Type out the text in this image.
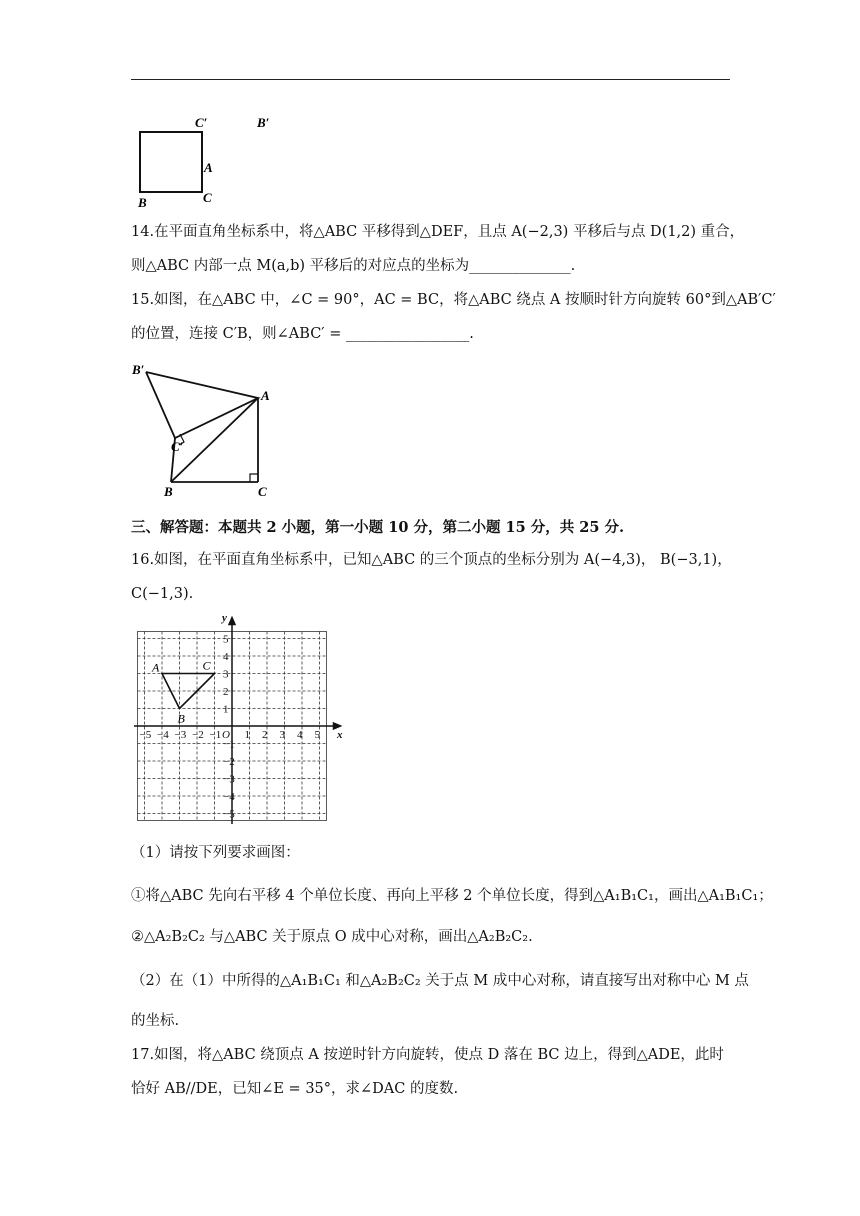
C′	B′
A
C
B
14.在平面直角坐标系中，将△ABC 平移得到△DEF，且点 A(−2,3) 平移后与点 D(1,2) 重合，
则△ABC 内部一点 M(a,b) 平移后的对应点的坐标为______________.
15.如图，在△ABC 中，∠C = 90°，AC = BC，将△ABC 绕点 A 按顺时针方向旋转 60°到△AB′C′
的位置，连接 C′B，则∠ABC′ = _________________.
B′
A
C′
B	C
三、解答题：本题共 2 小题，第一小题 10 分，第二小题 15 分，共 25 分.
16.如图，在平面直角坐标系中，已知△ABC 的三个顶点的坐标分别为 A(−4,3)， B(−3,1)，
C(−1,3).
−5 −4 −3 −2 −1 1 2 3 4 5
5
4
3
2
1
−1
−2
−3
−4
−5
O	x
y
A
B
C
（1）请按下列要求画图：
①将△ABC 先向右平移 4 个单位长度、再向上平移 2 个单位长度，得到△A₁B₁C₁，画出△A₁B₁C₁；
②△A₂B₂C₂ 与△ABC 关于原点 O 成中心对称，画出△A₂B₂C₂.
（2）在（1）中所得的△A₁B₁C₁ 和△A₂B₂C₂ 关于点 M 成中心对称，请直接写出对称中心 M 点
的坐标.
17.如图，将△ABC 绕顶点 A 按逆时针方向旋转，使点 D 落在 BC 边上，得到△ADE，此时
恰好 AB//DE，已知∠E = 35°，求∠DAC 的度数.
